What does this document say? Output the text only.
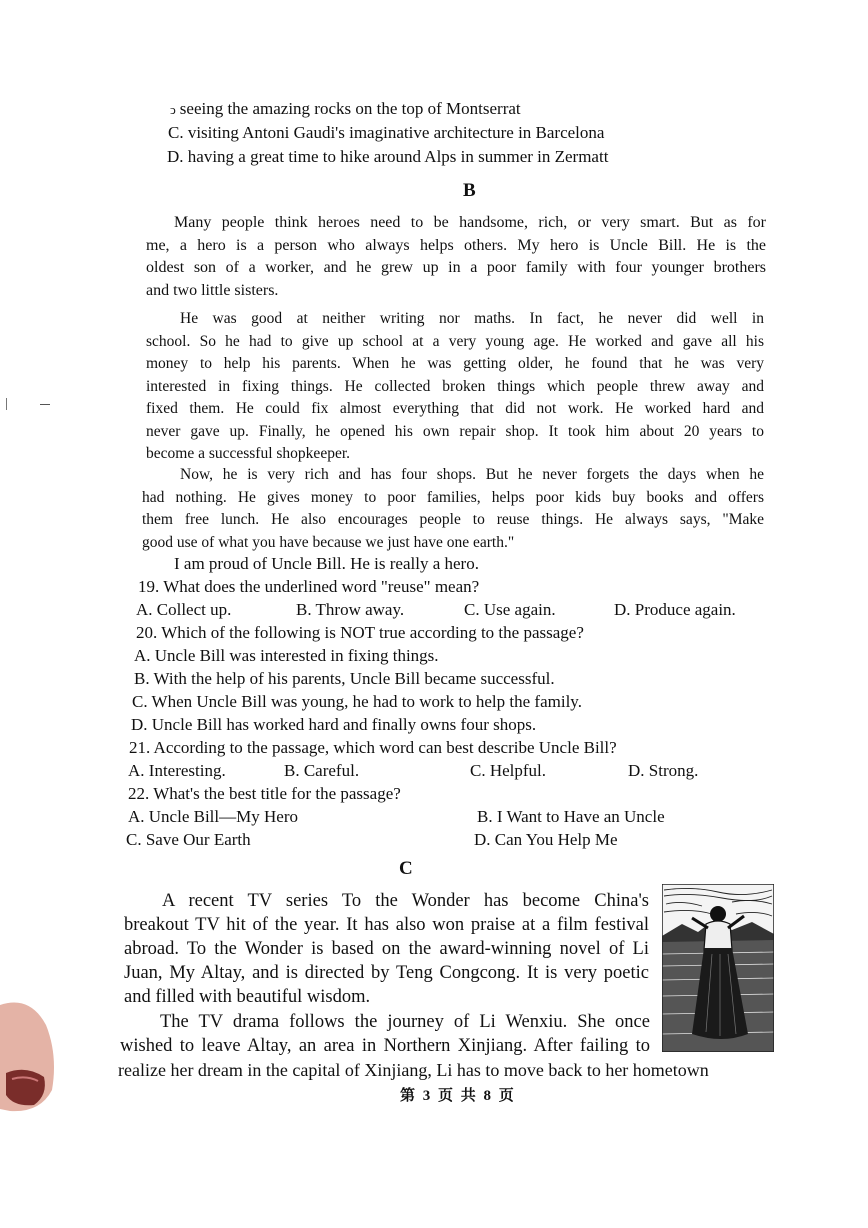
ↄ seeing the amazing rocks on the top of Montserrat
C. visiting Antoni Gaudi's imaginative architecture in Barcelona
D. having a great time to hike around Alps in summer in Zermatt
B
Many people think heroes need to be handsome, rich, or very smart. But as for
me, a hero is a person who always helps others. My hero is Uncle Bill. He is the
oldest son of a worker, and he grew up in a poor family with four younger brothers
and two little sisters.
He was good at neither writing nor maths. In fact, he never did well in
school. So he had to give up school at a very young age. He worked and gave all his
money to help his parents. When he was getting older, he found that he was very
interested in fixing things. He collected broken things which people threw away and
fixed them. He could fix almost everything that did not work. He worked hard and
never gave up. Finally, he opened his own repair shop. It took him about 20 years to
become a successful shopkeeper.
Now, he is very rich and has four shops. But he never forgets the days when he
had nothing. He gives money to poor families, helps poor kids buy books and offers
them free lunch. He also encourages people to reuse things. He always says, "Make
good use of what you have because we just have one earth."
I am proud of Uncle Bill. He is really a hero.
19. What does the underlined word "reuse" mean?
A. Collect up.	B. Throw away.	C. Use again.	D. Produce again.
20. Which of the following is NOT true according to the passage?
A. Uncle Bill was interested in fixing things.
B. With the help of his parents, Uncle Bill became successful.
C. When Uncle Bill was young, he had to work to help the family.
D. Uncle Bill has worked hard and finally owns four shops.
21. According to the passage, which word can best describe Uncle Bill?
A. Interesting.	B. Careful.	C. Helpful.	D. Strong.
22. What's the best title for the passage?
A. Uncle Bill—My Hero	B. I Want to Have an Uncle
C. Save Our Earth	D. Can You Help Me
C
A recent TV series To the Wonder has become China's
breakout TV hit of the year. It has also won praise at a film festival
abroad. To the Wonder is based on the award-winning novel of Li
Juan, My Altay, and is directed by Teng Congcong. It is very poetic
and filled with beautiful wisdom.
The TV drama follows the journey of Li Wenxiu. She once
wished to leave Altay, an area in Northern Xinjiang. After failing to
realize her dream in the capital of Xinjiang, Li has to move back to her hometown
第 3 页 共 8 页
